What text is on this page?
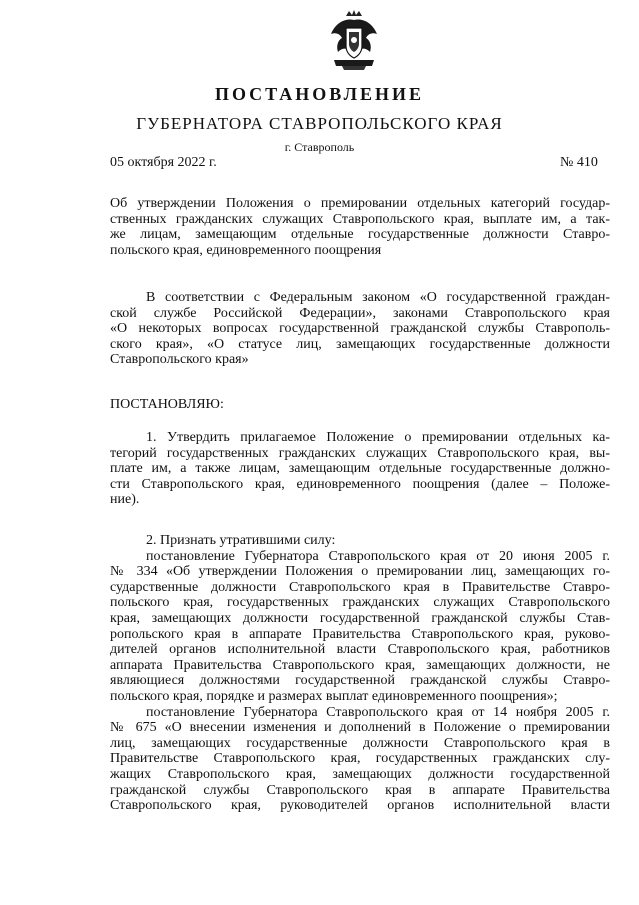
ПОСТАНОВЛЕНИЕ
ГУБЕРНАТОРА СТАВРОПОЛЬСКОГО КРАЯ
г. Ставрополь
05 октября 2022 г.	№ 410
Об утверждении Положения о премировании отдельных категорий государ-
ственных гражданских служащих Ставропольского края, выплате им, а так-
же лицам, замещающим отдельные государственные должности Ставро-
польского края, единовременного поощрения
В соответствии с Федеральным законом «О государственной граждан-
ской службе Российской Федерации», законами Ставропольского края
«О некоторых вопросах государственной гражданской службы Ставрополь-
ского края», «О статусе лиц, замещающих государственные должности
Ставропольского края»
ПОСТАНОВЛЯЮ:
1. Утвердить прилагаемое Положение о премировании отдельных ка-
тегорий государственных гражданских служащих Ставропольского края, вы-
плате им, а также лицам, замещающим отдельные государственные должно-
сти Ставропольского края, единовременного поощрения (далее – Положе-
ние).
2. Признать утратившими силу:
постановление Губернатора Ставропольского края от 20 июня 2005 г.
№ 334 «Об утверждении Положения о премировании лиц, замещающих го-
сударственные должности Ставропольского края в Правительстве Ставро-
польского края, государственных гражданских служащих Ставропольского
края, замещающих должности государственной гражданской службы Став-
ропольского края в аппарате Правительства Ставропольского края, руково-
дителей органов исполнительной власти Ставропольского края, работников
аппарата Правительства Ставропольского края, замещающих должности, не
являющиеся должностями государственной гражданской службы Ставро-
польского края, порядке и размерах выплат единовременного поощрения»;
постановление Губернатора Ставропольского края от 14 ноября 2005 г.
№ 675 «О внесении изменения и дополнений в Положение о премировании
лиц, замещающих государственные должности Ставропольского края в
Правительстве Ставропольского края, государственных гражданских слу-
жащих Ставропольского края, замещающих должности государственной
гражданской службы Ставропольского края в аппарате Правительства
Ставропольского края, руководителей органов исполнительной власти
